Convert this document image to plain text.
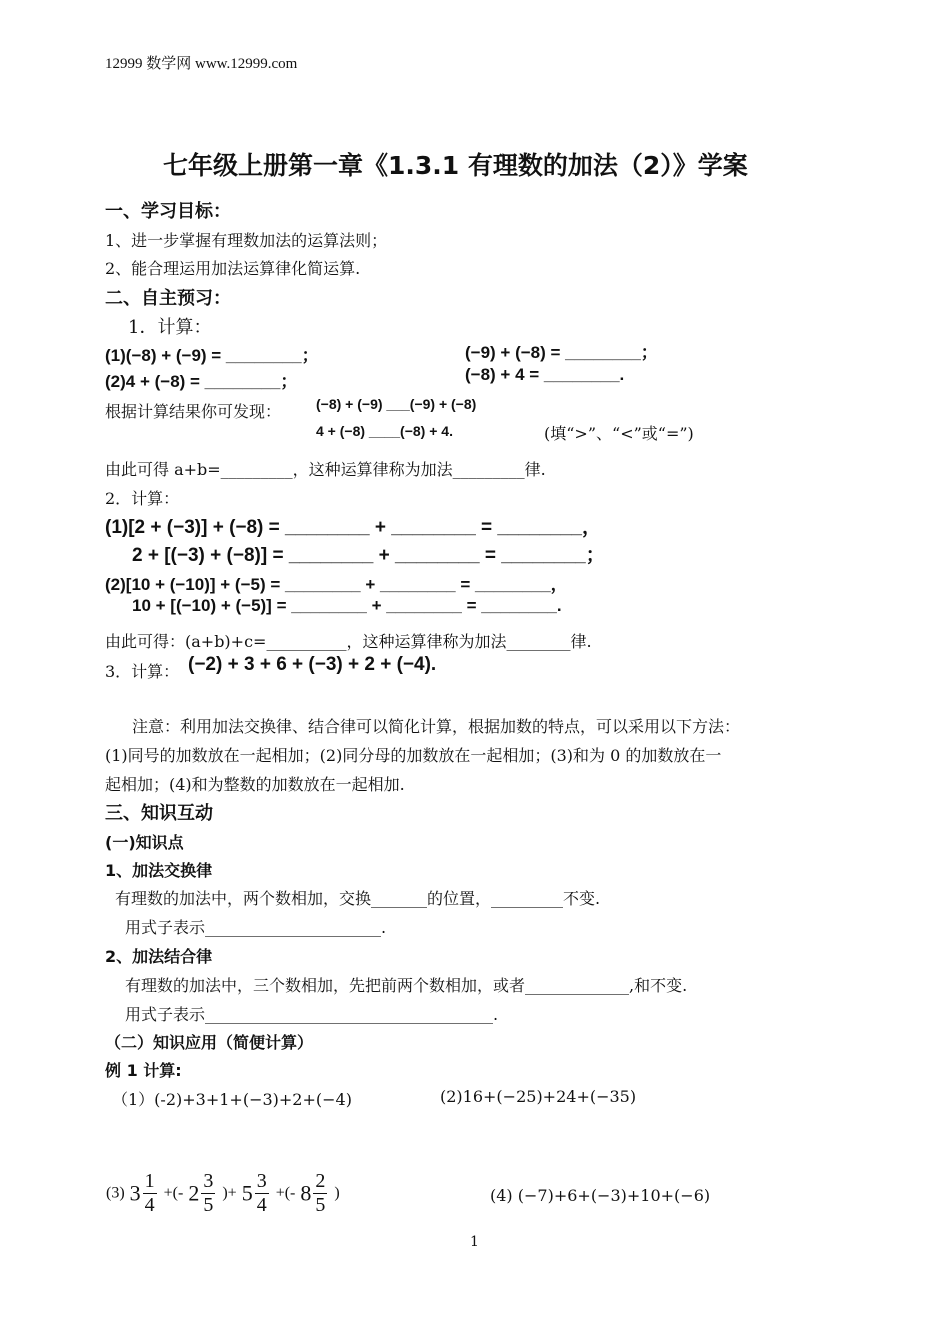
12999 数学网 www.12999.com
七年级上册第一章《1.3.1 有理数的加法（2）》学案
一、学习目标：
1、进一步掌握有理数加法的运算法则；
2、能合理运用加法运算律化简运算.
二、自主预习：
1．计算：
(1)(−8) + (−9) = ________；	(−9) + (−8) = ________；
(2)4 + (−8) = ________；	(−8) + 4 = ________.
根据计算结果你可发现： (−8) + (−9) ___(−9) + (−8)
4 + (−8) ____(−8) + 4.	(填“>”、“<”或“=”)
由此可得 a+b=_________，这种运算律称为加法_________律.
2．计算：
(1)[2 + (−3)] + (−8) = ________ + ________ = ________，
2 + [(−3) + (−8)] = ________ + ________ = ________；
(2)[10 + (−10)] + (−5) = ________ + ________ = ________，
10 + [(−10) + (−5)] = ________ + ________ = ________.
由此可得：(a+b)+c=__________，这种运算律称为加法________律.
3．计算： (−2) + 3 + 6 + (−3) + 2 + (−4).
注意：利用加法交换律、结合律可以简化计算，根据加数的特点，可以采用以下方法：
(1)同号的加数放在一起相加；(2)同分母的加数放在一起相加；(3)和为 0 的加数放在一
起相加；(4)和为整数的加数放在一起相加.
三、知识互动
(一)知识点
1、加法交换律
有理数的加法中，两个数相加，交换_______的位置，_________不变.
用式子表示______________________.
2、加法结合律
有理数的加法中，三个数相加，先把前两个数相加，或者_____________,和不变.
用式子表示____________________________________.
（二）知识应用（简便计算）
例 1 计算:
（1）(-2)+3+1+(−3)+2+(−4)	(2)16+(−25)+24+(−35)
(3) $3 \frac{1}{4}$ +(- $2 \frac{3}{5}$ )+ $5 \frac{3}{4}$ +(- $8 \frac{2}{5}$ )	(4) (−7)+6+(−3)+10+(−6)
1
